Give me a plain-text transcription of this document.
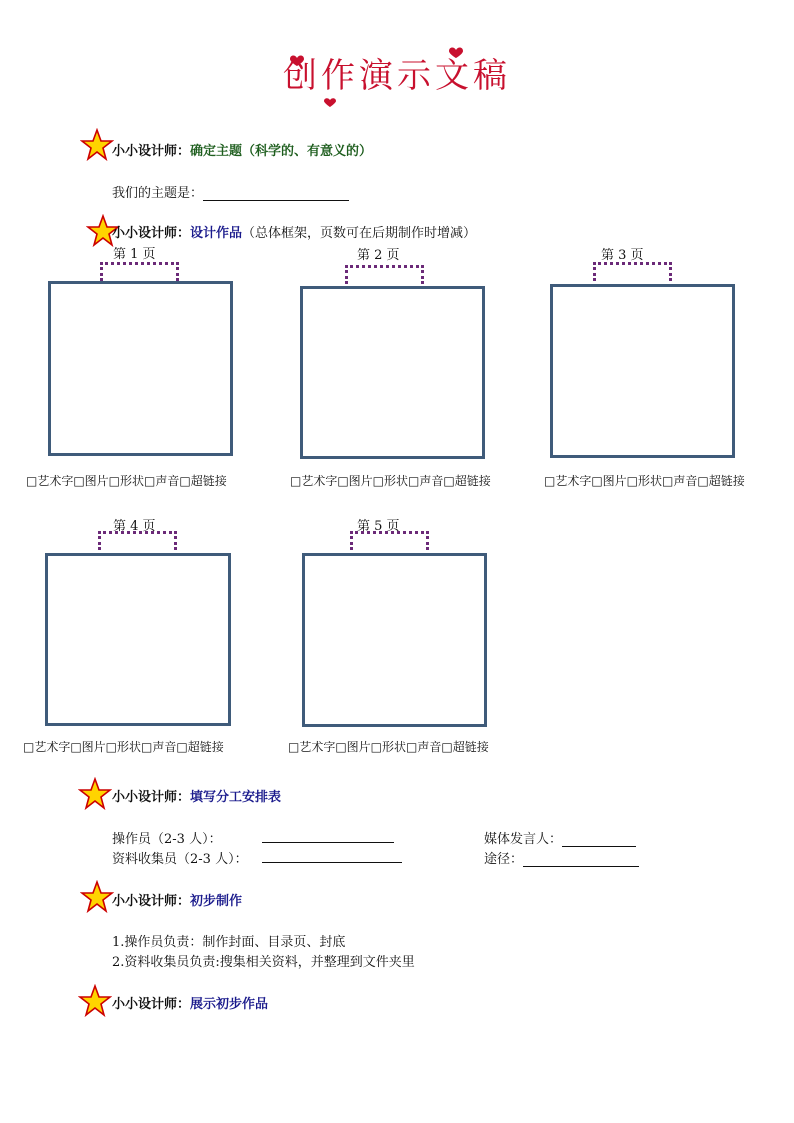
创作演示文稿
小小设计师：确定主题（科学的、有意义的）
我们的主题是：
小小设计师：设计作品（总体框架，页数可在后期制作时增减）
第 1 页
□艺术字□图片□形状□声音□超链接
第 2 页
□艺术字□图片□形状□声音□超链接
第 3 页
□艺术字□图片□形状□声音□超链接
第 4 页
□艺术字□图片□形状□声音□超链接
第 5 页
□艺术字□图片□形状□声音□超链接
小小设计师：填写分工安排表
操作员（2-3 人）：
资料收集员（2-3 人）：
媒体发言人：
途径：
小小设计师：初步制作
1.操作员负责：制作封面、目录页、封底
2.资料收集员负责:搜集相关资料，并整理到文件夹里
小小设计师：展示初步作品
